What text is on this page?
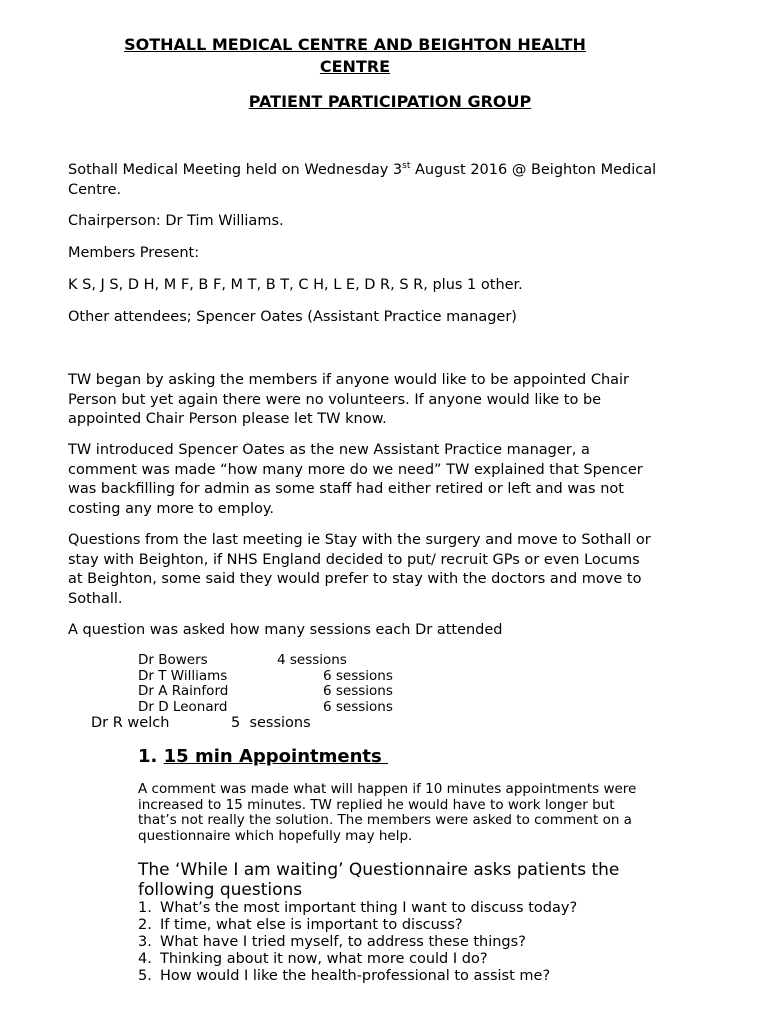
SOTHALL MEDICAL CENTRE AND BEIGHTON HEALTH
CENTRE
PATIENT PARTICIPATION GROUP
Sothall Medical Meeting held on Wednesday 3st August 2016 @ Beighton Medical Centre.
Chairperson: Dr Tim Williams.
Members Present:
K S, J S, D H, M F, B F, M T, B T, C H, L E, D R, S R, plus 1 other.
Other attendees; Spencer Oates (Assistant Practice manager)
TW began by asking the members if anyone would like to be appointed Chair Person but yet again there were no volunteers. If anyone would like to be appointed Chair Person please let TW know.
TW introduced Spencer Oates as the new Assistant Practice manager, a comment was made “how many more do we need” TW explained that Spencer was backfilling for admin as some staff had either retired or left and was not costing any more to employ.
Questions from the last meeting ie Stay with the surgery and move to Sothall or stay with Beighton, if NHS England decided to put/ recruit GPs or even Locums at Beighton, some said they would prefer to stay with the doctors and move to Sothall.
A question was asked how many sessions each Dr attended
Dr Bowers	4 sessions
Dr T Williams	6 sessions
Dr A Rainford	6 sessions
Dr D Leonard	6 sessions
Dr R welch	5  sessions
1. 15 min Appointments
A comment was made what will happen if 10 minutes appointments were increased to 15 minutes. TW replied he would have to work longer but that’s not really the solution. The members were asked to comment on a questionnaire which hopefully may help.
The ‘While I am waiting’ Questionnaire asks patients the following questions
1. What’s the most important thing I want to discuss today?
2. If time, what else is important to discuss?
3. What have I tried myself, to address these things?
4. Thinking about it now, what more could I do?
5. How would I like the health-professional to assist me?
